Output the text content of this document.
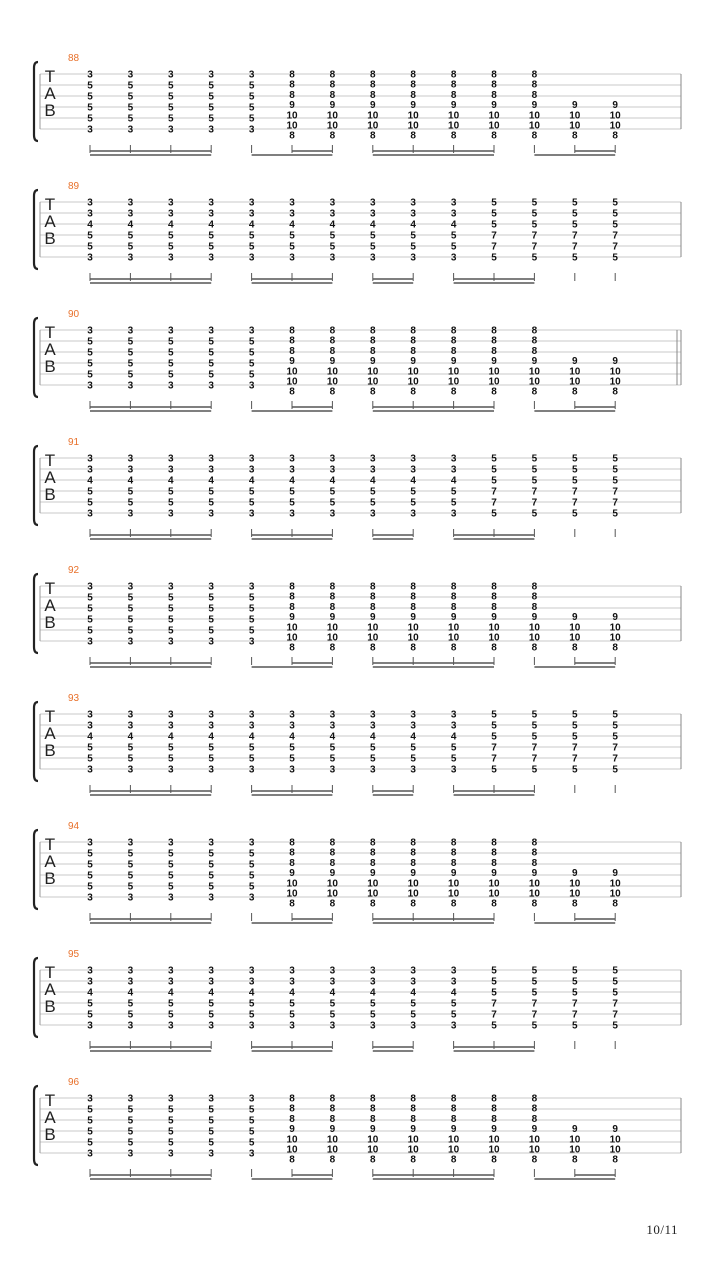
88
T
A
B
3
5
5
5
5
3
3
5
5
5
5
3
3
5
5
5
5
3
3
5
5
5
5
3
3
5
5
5
5
3
8
8
8
9
10
10
8
8
8
8
9
10
10
8
8
8
8
9
10
10
8
8
8
8
9
10
10
8
8
8
8
9
10
10
8
8
8
8
9
10
10
8
8
8
8
9
10
10
8
9
10
10
8
9
10
10
8
89
T
A
B
3
3
4
5
5
3
3
3
4
5
5
3
3
3
4
5
5
3
3
3
4
5
5
3
3
3
4
5
5
3
3
3
4
5
5
3
3
3
4
5
5
3
3
3
4
5
5
3
3
3
4
5
5
3
3
3
4
5
5
3
5
5
5
7
7
5
5
5
5
7
7
5
5
5
5
7
7
5
5
5
5
7
7
5
90
T
A
B
3
5
5
5
5
3
3
5
5
5
5
3
3
5
5
5
5
3
3
5
5
5
5
3
3
5
5
5
5
3
8
8
8
9
10
10
8
8
8
8
9
10
10
8
8
8
8
9
10
10
8
8
8
8
9
10
10
8
8
8
8
9
10
10
8
8
8
8
9
10
10
8
8
8
8
9
10
10
8
9
10
10
8
9
10
10
8
91
T
A
B
3
3
4
5
5
3
3
3
4
5
5
3
3
3
4
5
5
3
3
3
4
5
5
3
3
3
4
5
5
3
3
3
4
5
5
3
3
3
4
5
5
3
3
3
4
5
5
3
3
3
4
5
5
3
3
3
4
5
5
3
5
5
5
7
7
5
5
5
5
7
7
5
5
5
5
7
7
5
5
5
5
7
7
5
92
T
A
B
3
5
5
5
5
3
3
5
5
5
5
3
3
5
5
5
5
3
3
5
5
5
5
3
3
5
5
5
5
3
8
8
8
9
10
10
8
8
8
8
9
10
10
8
8
8
8
9
10
10
8
8
8
8
9
10
10
8
8
8
8
9
10
10
8
8
8
8
9
10
10
8
8
8
8
9
10
10
8
9
10
10
8
9
10
10
8
93
T
A
B
3
3
4
5
5
3
3
3
4
5
5
3
3
3
4
5
5
3
3
3
4
5
5
3
3
3
4
5
5
3
3
3
4
5
5
3
3
3
4
5
5
3
3
3
4
5
5
3
3
3
4
5
5
3
3
3
4
5
5
3
5
5
5
7
7
5
5
5
5
7
7
5
5
5
5
7
7
5
5
5
5
7
7
5
94
T
A
B
3
5
5
5
5
3
3
5
5
5
5
3
3
5
5
5
5
3
3
5
5
5
5
3
3
5
5
5
5
3
8
8
8
9
10
10
8
8
8
8
9
10
10
8
8
8
8
9
10
10
8
8
8
8
9
10
10
8
8
8
8
9
10
10
8
8
8
8
9
10
10
8
8
8
8
9
10
10
8
9
10
10
8
9
10
10
8
95
T
A
B
3
3
4
5
5
3
3
3
4
5
5
3
3
3
4
5
5
3
3
3
4
5
5
3
3
3
4
5
5
3
3
3
4
5
5
3
3
3
4
5
5
3
3
3
4
5
5
3
3
3
4
5
5
3
3
3
4
5
5
3
5
5
5
7
7
5
5
5
5
7
7
5
5
5
5
7
7
5
5
5
5
7
7
5
96
T
A
B
3
5
5
5
5
3
3
5
5
5
5
3
3
5
5
5
5
3
3
5
5
5
5
3
3
5
5
5
5
3
8
8
8
9
10
10
8
8
8
8
9
10
10
8
8
8
8
9
10
10
8
8
8
8
9
10
10
8
8
8
8
9
10
10
8
8
8
8
9
10
10
8
8
8
8
9
10
10
8
9
10
10
8
9
10
10
8
10/11
